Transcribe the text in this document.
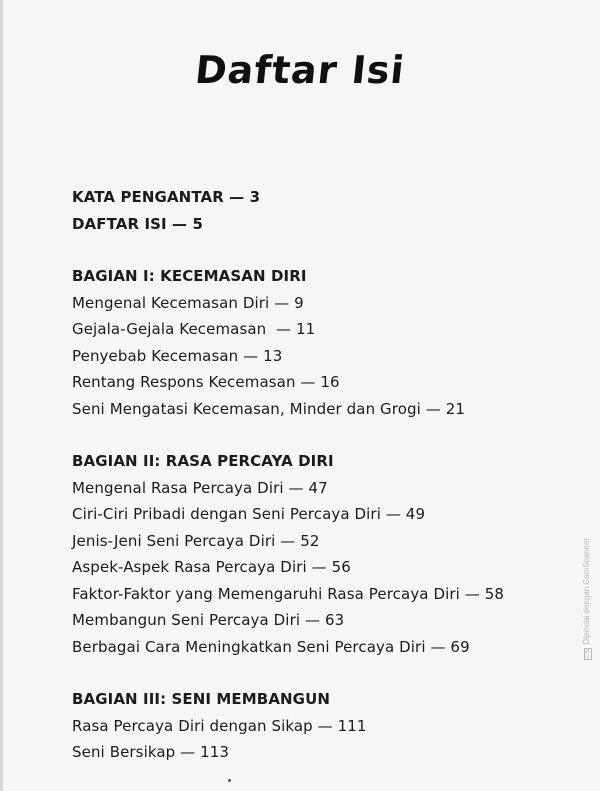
Daftar Isi
KATA PENGANTAR — 3
DAFTAR ISI — 5
BAGIAN I: KECEMASAN DIRI
Mengenal Kecemasan Diri — 9
Gejala-Gejala Kecemasan  — 11
Penyebab Kecemasan — 13
Rentang Respons Kecemasan — 16
Seni Mengatasi Kecemasan, Minder dan Grogi — 21
BAGIAN II: RASA PERCAYA DIRI
Mengenal Rasa Percaya Diri — 47
Ciri-Ciri Pribadi dengan Seni Percaya Diri — 49
Jenis-Jeni Seni Percaya Diri — 52
Aspek-Aspek Rasa Percaya Diri — 56
Faktor-Faktor yang Memengaruhi Rasa Percaya Diri — 58
Membangun Seni Percaya Diri — 63
Berbagai Cara Meningkatkan Seni Percaya Diri — 69
BAGIAN III: SENI MEMBANGUN
Rasa Percaya Diri dengan Sikap — 111
Seni Bersikap — 113
CSDipindai dengan CamScanner
